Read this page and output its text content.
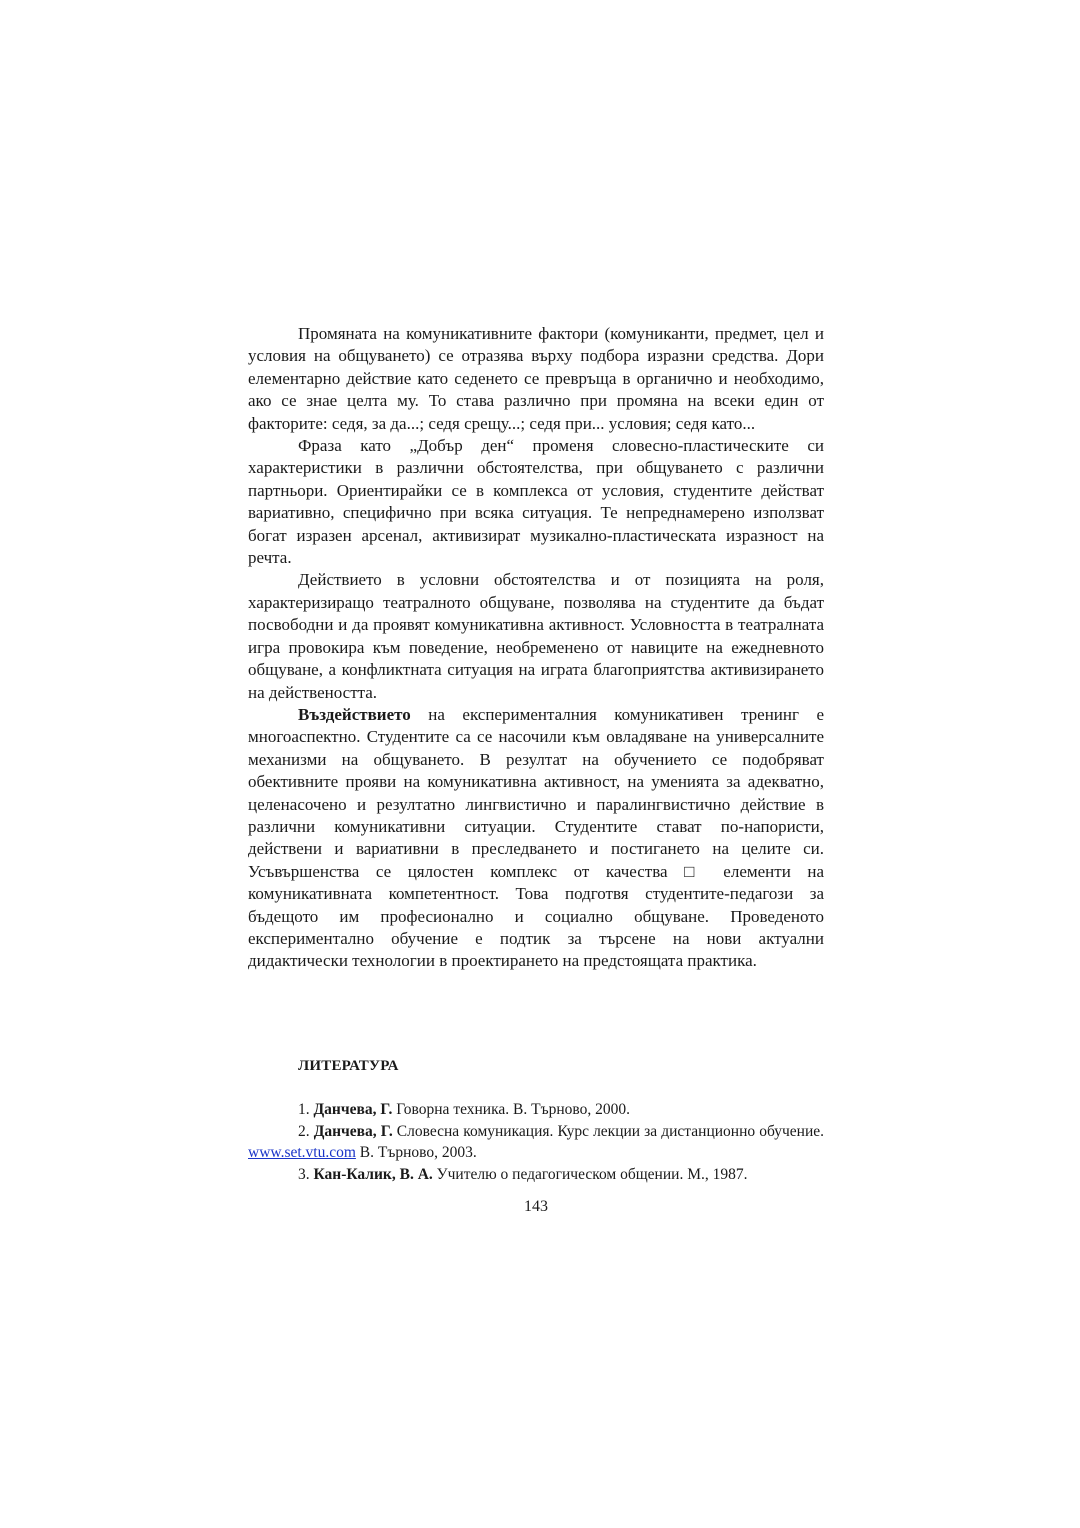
Промяната на комуникативните фактори (комуниканти, предмет, цел и условия на общуването) се отразява върху подбора изразни средства. Дори елементарно действие като седенето се превръща в органично и необходимо, ако се знае целта му. То става различно при промяна на всеки един от факторите: седя, за да...; седя срещу...; седя при... условия; седя като...

Фраза като „Добър ден“ променя словесно-пластическите си характеристики в различни обстоятелства, при общуването с различни партньори. Ориентирайки се в комплекса от условия, студентите действат вариативно, специфично при всяка ситуация. Те непреднамерено използват богат изразен арсенал, активизират музикално-пластическата изразност на речта.

Действието в условни обстоятелства и от позицията на роля, характеризиращо театралното общуване, позволява на студентите да бъдат посвободни и да проявят комуникативна активност. Условността в театралната игра провокира към поведение, необременено от навиците на ежедневното общуване, а конфликтната ситуация на играта благоприятства активизирането на действеността.

Въздействието на експерименталния комуникативен тренинг е многоаспектно. Студентите са се насочили към овладяване на универсалните механизми на общуването. В резултат на обучението се подобряват обективните прояви на комуникативна активност, на уменията за адекватно, целенасочено и резултатно лингвистично и паралингвистично действие в различни комуникативни ситуации. Студентите стават по-напористи, действени и вариативни в преследването и постигането на целите си. Усъвършенства се цялостен комплекс от качества □ елементи на комуникативната компетентност. Това подготвя студентите-педагози за бъдещото им професионално и социално общуване. Проведеното експериментално обучение е подтик за търсене на нови актуални дидактически технологии в проектирането на предстоящата практика.

ЛИТЕРАТУРА

1. Данчева, Г. Говорна техника. В. Търново, 2000.

2. Данчева, Г. Словесна комуникация. Курс лекции за дистанционно обучение. www.set.vtu.com В. Търново, 2003.

3. Кан-Калик, В. А. Учителю о педагогическом общении. М., 1987.

143
